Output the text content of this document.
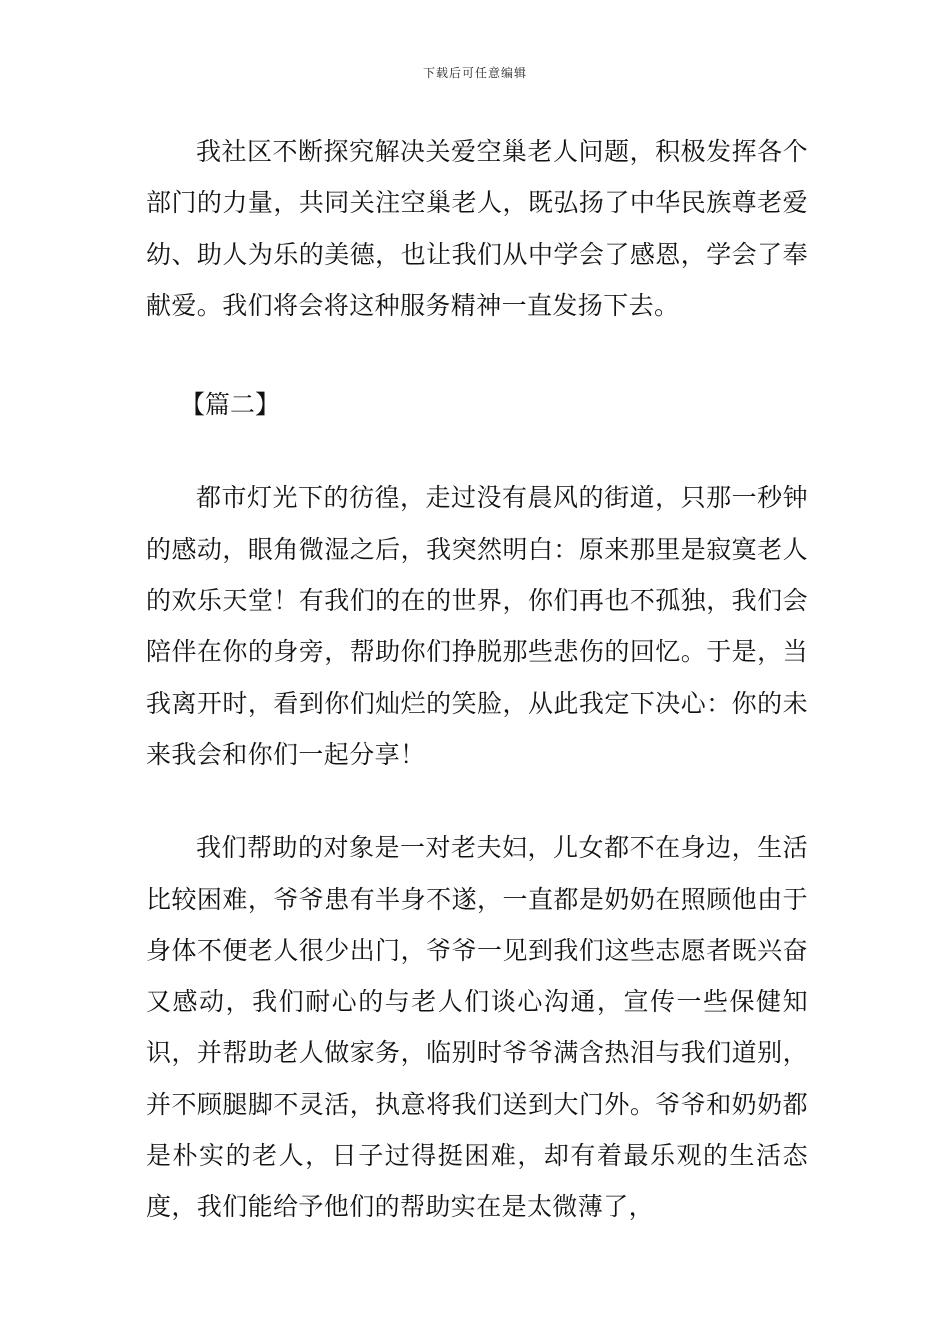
下载后可任意编辑

我社区不断探究解决关爱空巢老人问题，积极发挥各个部门的力量，共同关注空巢老人，既弘扬了中华民族尊老爱幼、助人为乐的美德，也让我们从中学会了感恩，学会了奉献爱。我们将会将这种服务精神一直发扬下去。

【篇二】

都市灯光下的彷徨，走过没有晨风的街道，只那一秒钟的感动，眼角微湿之后，我突然明白：原来那里是寂寞老人的欢乐天堂！有我们的在的世界，你们再也不孤独，我们会陪伴在你的身旁，帮助你们挣脱那些悲伤的回忆。于是，当我离开时，看到你们灿烂的笑脸，从此我定下决心：你的未来我会和你们一起分享！

我们帮助的对象是一对老夫妇，儿女都不在身边，生活比较困难，爷爷患有半身不遂，一直都是奶奶在照顾他由于身体不便老人很少出门，爷爷一见到我们这些志愿者既兴奋又感动，我们耐心的与老人们谈心沟通，宣传一些保健知识，并帮助老人做家务，临别时爷爷满含热泪与我们道别，并不顾腿脚不灵活，执意将我们送到大门外。爷爷和奶奶都是朴实的老人，日子过得挺困难，却有着最乐观的生活态度，我们能给予他们的帮助实在是太微薄了，
